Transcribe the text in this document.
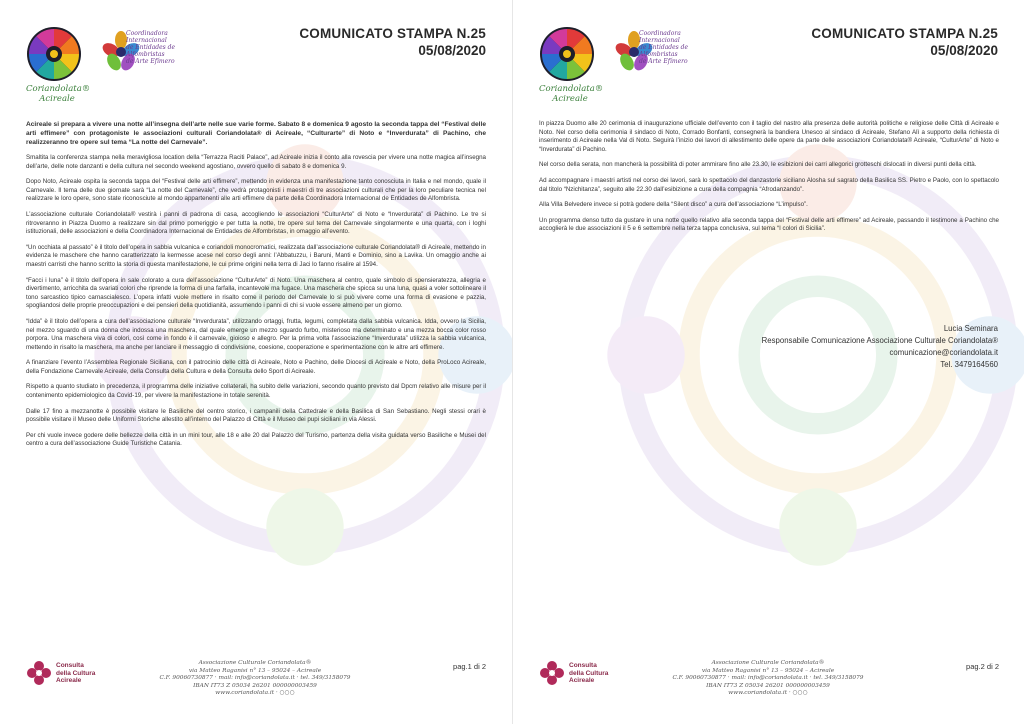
Coriandolata®
Acireale
Coordinadora
Internacional
de Entidades de
Alfombristas
de Arte Efímero
COMUNICATO STAMPA N.25
05/08/2020

Acireale si prepara a vivere una notte all’insegna dell’arte nelle sue varie forme. Sabato 8 e domenica 9 agosto la seconda tappa del “Festival delle arti effimere” con protagoniste le associazioni culturali Coriandolata® di Acireale, “Culturarte” di Noto e “Inverdurata” di Pachino, che realizzeranno tre opere sul tema “La notte del Carnevale”.

Smaltita la conferenza stampa nella meravigliosa location della “Terrazza Raciti Palace”, ad Acireale inizia il conto alla rovescia per vivere una notte magica all’insegna dell’arte, delle note danzanti e della cultura nel secondo weekend agostiano, ovvero quello di sabato 8 e domenica 9.

Dopo Noto, Acireale ospita la seconda tappa del “Festival delle arti effimere”, mettendo in evidenza una manifestazione tanto conosciuta in Italia e nel mondo, quale il Carnevale. Il tema delle due giornate sarà “La notte del Carnevale”, che vedrà protagonisti i maestri di tre associazioni culturali che per la loro peculiare tecnica nel realizzare le loro opere, sono state riconosciute al mondo appartenenti alle arti effimere da parte della Coordinadora Internacional de Entidades de Alfombrista.

L’associazione culturale Coriandolata® vestirà i panni di padrona di casa, accogliendo le associazioni “CulturArte” di Noto e “Inverdurata” di Pachino. Le tre si ritroveranno in Piazza Duomo a realizzare sin dal primo pomeriggio e per tutta la notte, tre opere sul tema del Carnevale singolarmente e una quarta, con i loghi istituzionali, delle associazioni e della Coordinadora Internacional de Entidades de Alfombristas, in omaggio all’evento.

“Un occhiata al passato” è il titolo dell’opera in sabbia vulcanica e coriandoli monocromatici, realizzata dall’associazione culturale Coriandolata® di Acireale, mettendo in evidenza le maschere che hanno caratterizzato la kermesse acese nel corso degli anni: l’Abbatuzzu, i Baruni, Manti e Dominio, sino a Lavika. Un omaggio anche ai maestri carristi che hanno scritto la storia di questa manifestazione, le cui prime origini nella terra di Jaci lo fanno risalire al 1594.

“Facci i luna” è il titolo dell’opera in sale colorato a cura dell’associazione “CulturArte” di Noto. Una maschera al centro, quale simbolo di spensieratezza, allegria e divertimento, arricchita da svariati colori che riprende la forma di una farfalla, incantevole ma fugace. Una maschera che spicca su una luna, quasi a voler sottolineare il tono sarcastico tipico carnascialesco. L’opera infatti vuole mettere in risalto come il periodo del Carnevale lo si può vivere come una forma di evasione e pazzia, spogliandosi delle proprie preoccupazioni e dei pensieri della quotidianità, assumendo i panni di chi si vuole essere almeno per un giorno.

“Idda” è il titolo dell’opera a cura dell’associazione culturale “Inverdurata”, utilizzando ortaggi, frutta, legumi, completata dalla sabbia vulcanica. Idda, ovvero la Sicilia, nel mezzo sguardo di una donna che indossa una maschera, dal quale emerge un mezzo sguardo furbo, misterioso ma determinato e una mezza bocca color rosso porpora. Una maschera viva di colori, così come in fondo è il carnevale, gioioso e allegro. Per la prima volta l’associazione “Inverdurata” utilizza la sabbia vulcanica, mettendo in risalto la maschera, ma anche per lanciare il messaggio di condivisione, coesione, cooperazione e sperimentazione con le altre arti effimere.

A finanziare l’evento l’Assemblea Regionale Siciliana, con il patrocinio delle città di Acireale, Noto e Pachino, delle Diocesi di Acireale e Noto, della ProLoco Acireale, della Fondazione Carnevale Acireale, della Consulta della Cultura e della Consulta dello Sport di Acireale.

Rispetto a quanto studiato in precedenza, il programma delle iniziative collaterali, ha subito delle variazioni, secondo quanto previsto dal Dpcm relativo alle misure per il contenimento epidemiologico da Covid-19, per vivere la manifestazione in totale serenità.

Dalle 17 fino a mezzanotte è possibile visitare le Basiliche del centro storico, i campanili della Cattedrale e della Basilica di San Sebastiano. Negli stessi orari è possibile visitare il Museo delle Uniformi Storiche allestito all’interno del Palazzo di Città e il Museo dei pupi siciliani in via Alessi.

Per chi vuole invece godere delle bellezze della città in un mini tour, alle 18 e alle 20 dal Palazzo del Turismo, partenza della visita guidata verso Basiliche e Musei del centro a cura dell’associazione Guide Turistiche Catania.

Consulta
della Cultura
Acireale
Associazione Culturale Coriandolata®
via Matteo Raganisi n° 13 – 95024 – Acireale
C.F. 90060730877 · mail: info@coriandolata.it · tel. 349/3158079
IBAN IT73 Z 05034 26201 000000003459
www.coriandolata.it · ○○○
pag.1 di 2
Coriandolata®
Acireale
Coordinadora
Internacional
de Entidades de
Alfombristas
de Arte Efímero
COMUNICATO STAMPA N.25
05/08/2020

In piazza Duomo alle 20 cerimonia di inaugurazione ufficiale dell’evento con il taglio del nastro alla presenza delle autorità politiche e religiose delle Città di Acireale e Noto. Nel corso della cerimonia il sindaco di Noto, Corrado Bonfanti, consegnerà la bandiera Unesco al sindaco di Acireale, Stefano Alì a supporto della richiesta di inserimento di Acireale nella Val di Noto. Seguirà l’inizio dei lavori di allestimento delle opere da parte delle associazioni Coriandolata® Acireale, “CulturArte” di Noto e “Inverdurata” di Pachino.

Nel corso della serata, non mancherà la possibilità di poter ammirare fino alle 23.30, le esibizioni dei carri allegorici grotteschi dislocati in diversi punti della città.

Ad accompagnare i maestri artisti nel corso dei lavori, sarà lo spettacolo del danzastorie siciliano Alosha sul sagrato della Basilica SS. Pietro e Paolo, con lo spettacolo dal titolo “Nzichitanza”, seguito alle 22.30 dall’esibizione a cura della compagnia “Afrodanzando”.

Alla Villa Belvedere invece si potrà godere della “Silent disco” a cura dell’associazione “L’impulso”.

Un programma denso tutto da gustare in una notte quello relativo alla seconda tappa del “Festival delle arti effimere” ad Acireale, passando il testimone a Pachino che accoglierà le due associazioni il 5 e 6 settembre nella terza tappa conclusiva, sul tema “I colori di Sicilia”.

Lucia Seminara
Responsabile Comunicazione Associazione Culturale Coriandolata®
comunicazione@coriandolata.it
Tel. 3479164560
Consulta
della Cultura
Acireale
Associazione Culturale Coriandolata®
via Matteo Raganisi n° 13 – 95024 – Acireale
C.F. 90060730877 · mail: info@coriandolata.it · tel. 349/3158079
IBAN IT73 Z 05034 26201 000000003459
www.coriandolata.it · ○○○
pag.2 di 2
